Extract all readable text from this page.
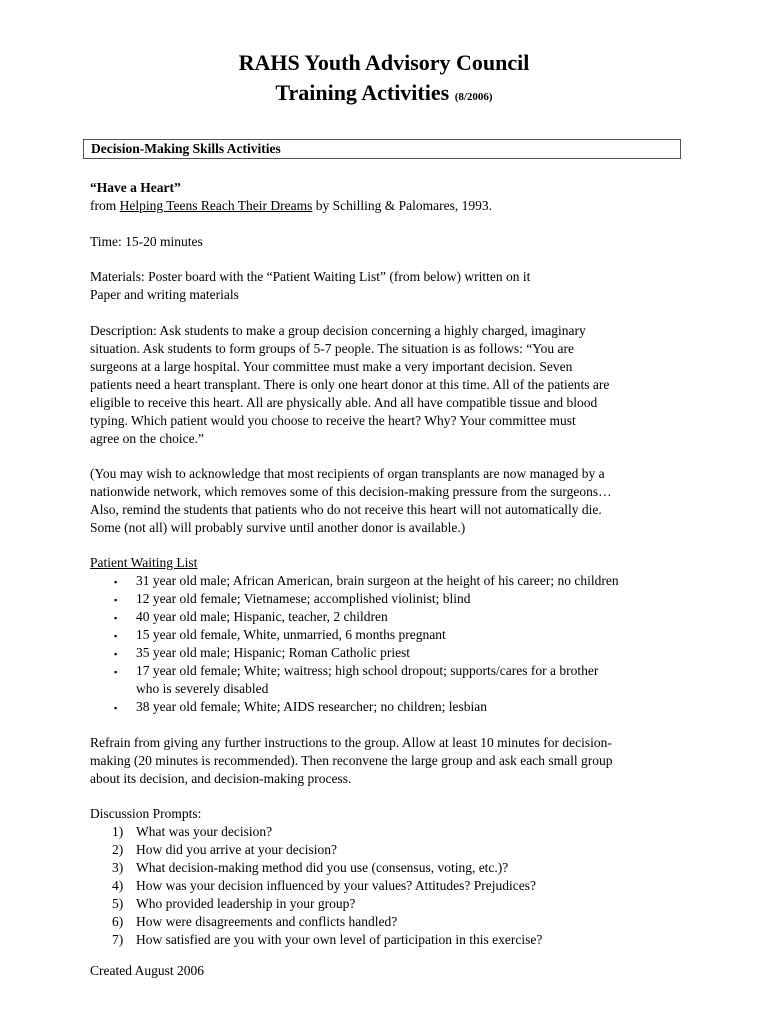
RAHS Youth Advisory Council
Training Activities (8/2006)
Decision-Making Skills Activities
“Have a Heart”
from Helping Teens Reach Their Dreams by Schilling & Palomares, 1993.
Time: 15-20 minutes
Materials: Poster board with the “Patient Waiting List” (from below) written on it
Paper and writing materials
Description: Ask students to make a group decision concerning a highly charged, imaginary
situation. Ask students to form groups of 5-7 people. The situation is as follows: “You are
surgeons at a large hospital. Your committee must make a very important decision. Seven
patients need a heart transplant. There is only one heart donor at this time. All of the patients are
eligible to receive this heart. All are physically able. And all have compatible tissue and blood
typing. Which patient would you choose to receive the heart? Why? Your committee must
agree on the choice.”
(You may wish to acknowledge that most recipients of organ transplants are now managed by a
nationwide network, which removes some of this decision-making pressure from the surgeons…
Also, remind the students that patients who do not receive this heart will not automatically die.
Some (not all) will probably survive until another donor is available.)
Patient Waiting List
▪ 31 year old male; African American, brain surgeon at the height of his career; no children
▪ 12 year old female; Vietnamese; accomplished violinist; blind
▪ 40 year old male; Hispanic, teacher, 2 children
▪ 15 year old female, White, unmarried, 6 months pregnant
▪ 35 year old male; Hispanic; Roman Catholic priest
▪ 17 year old female; White; waitress; high school dropout; supports/cares for a brother
who is severely disabled
▪ 38 year old female; White; AIDS researcher; no children; lesbian
Refrain from giving any further instructions to the group. Allow at least 10 minutes for decision-
making (20 minutes is recommended). Then reconvene the large group and ask each small group
about its decision, and decision-making process.
Discussion Prompts:
1) What was your decision?
2) How did you arrive at your decision?
3) What decision-making method did you use (consensus, voting, etc.)?
4) How was your decision influenced by your values? Attitudes? Prejudices?
5) Who provided leadership in your group?
6) How were disagreements and conflicts handled?
7) How satisfied are you with your own level of participation in this exercise?
Created August 2006
